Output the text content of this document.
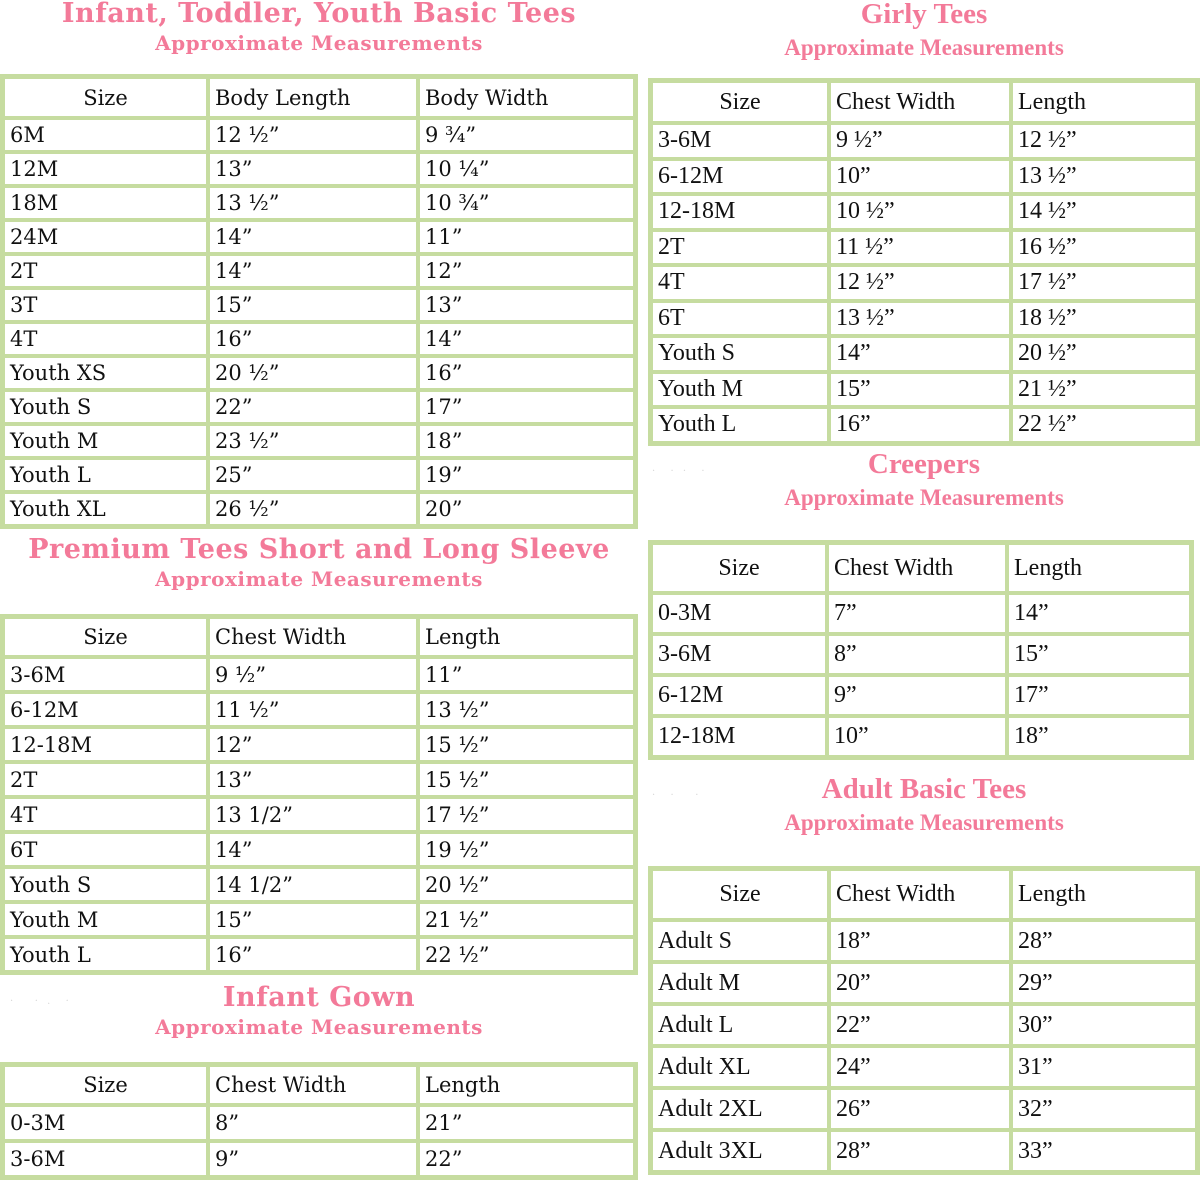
Infant, Toddler, Youth Basic Tees
Approximate Measurements
Size	Body Length	Body Width
6M	12 ½”	9 ¾”
12M	13”	10 ¼”
18M	13 ½”	10 ¾”
24M	14”	11”
2T	14”	12”
3T	15”	13”
4T	16”	14”
Youth XS	20 ½”	16”
Youth S	22”	17”
Youth M	23 ½”	18”
Youth L	25”	19”
Youth XL	26 ½”	20”
Premium Tees Short and Long Sleeve
Approximate Measurements
Size	Chest Width	Length
3-6M	9 ½”	11”
6-12M	11 ½”	13 ½”
12-18M	12”	15 ½”
2T	13”	15 ½”
4T	13 1/2”	17 ½”
6T	14”	19 ½”
Youth S	14 1/2”	20 ½”
Youth M	15”	21 ½”
Youth L	16”	22 ½”
·   · .  ·	Infant Gown
Approximate Measurements
Size	Chest Width	Length
0-3M	8”	21”
3-6M	9”	22”
Girly Tees
Approximate Measurements
Size	Chest Width	Length
3-6M	9 ½”	12 ½”
6-12M	10”	13 ½”
12-18M	10 ½”	14 ½”
2T	11 ½”	16 ½”
4T	12 ½”	17 ½”
6T	13 ½”	18 ½”
Youth S	14”	20 ½”
Youth M	15”	21 ½”
Youth L	16”	22 ½”
·  · ·  ·	Creepers
Approximate Measurements
Size	Chest Width	Length
0-3M	7”	14”
3-6M	8”	15”
6-12M	9”	17”
12-18M	10”	18”
·  ·   ·	Adult Basic Tees
Approximate Measurements
Size	Chest Width	Length
Adult S	18”	28”
Adult M	20”	29”
Adult L	22”	30”
Adult XL	24”	31”
Adult 2XL	26”	32”
Adult 3XL	28”	33”
